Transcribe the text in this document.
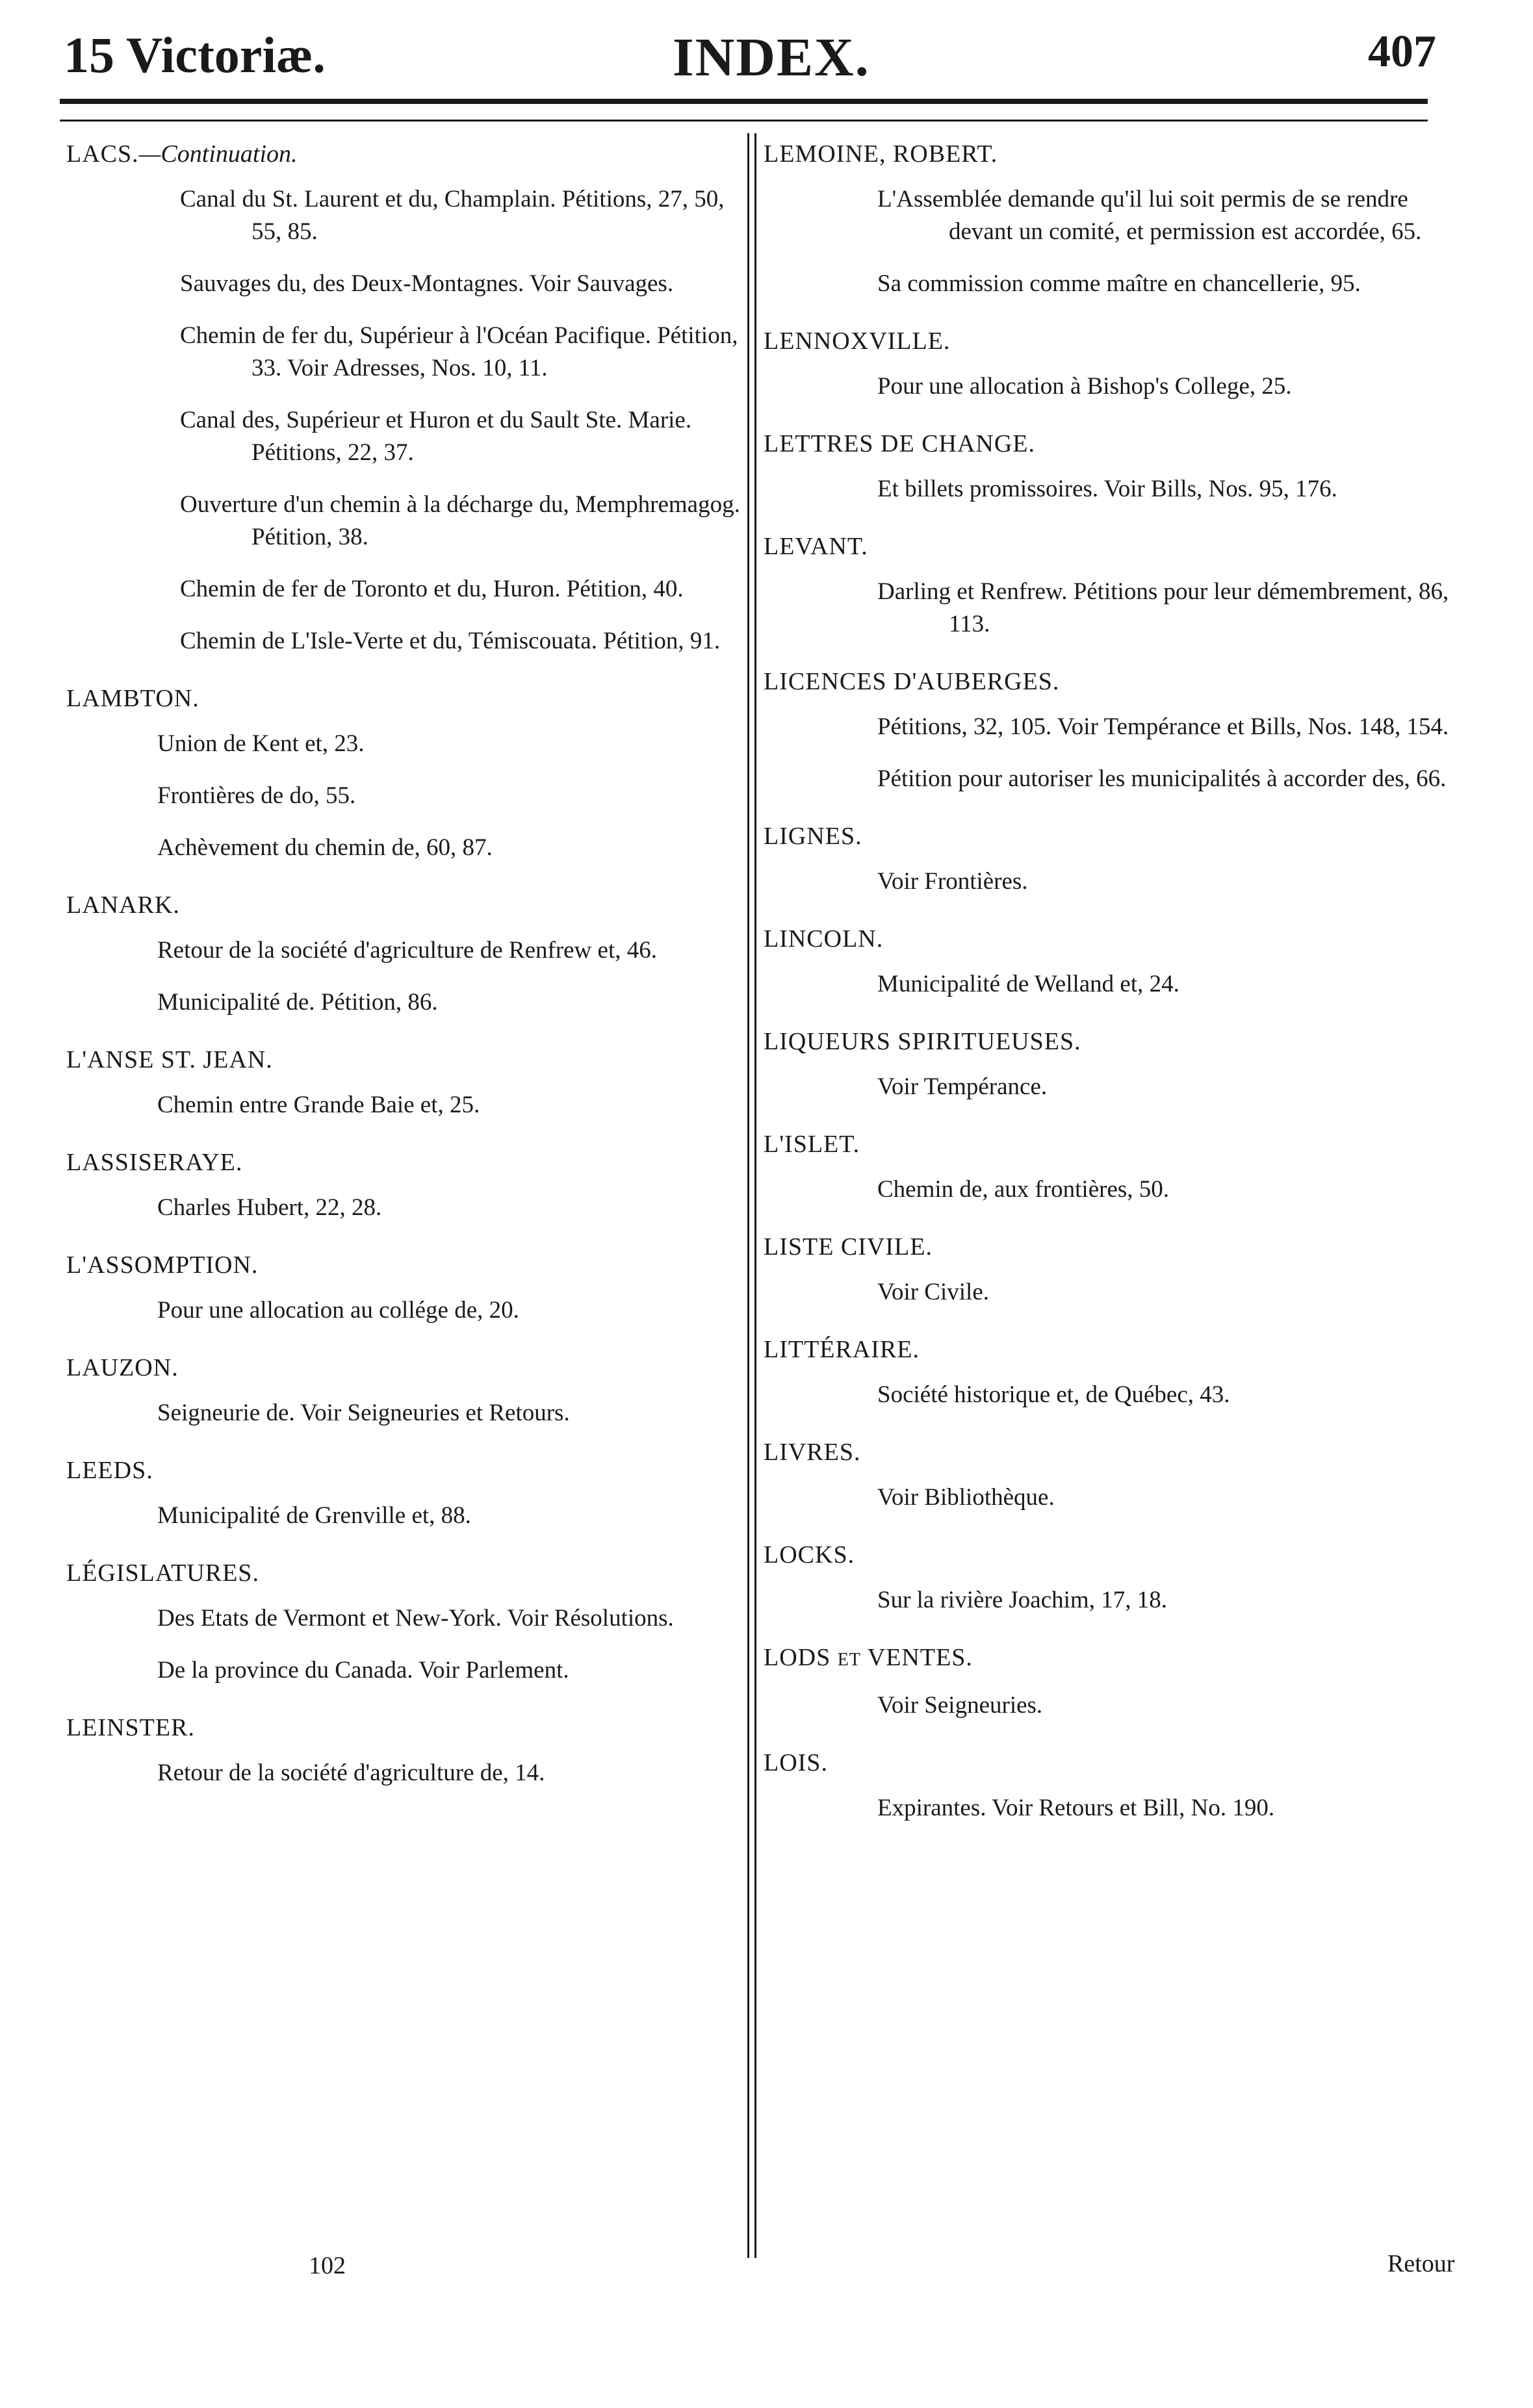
15 Victoriæ.	INDEX.	407
LACS.—Continuation.
Canal du St. Laurent et du, Champlain. Pétitions, 27, 50, 55, 85.
Sauvages du, des Deux-Montagnes. Voir Sauvages.
Chemin de fer du, Supérieur à l'Océan Pacifique. Pétition, 33. Voir Adresses, Nos. 10, 11.
Canal des, Supérieur et Huron et du Sault Ste. Marie. Pétitions, 22, 37.
Ouverture d'un chemin à la décharge du, Memphremagog. Pétition, 38.
Chemin de fer de Toronto et du, Huron. Pétition, 40.
Chemin de L'Isle-Verte et du, Témiscouata. Pétition, 91.
LAMBTON.
Union de Kent et, 23.
Frontières de do, 55.
Achèvement du chemin de, 60, 87.
LANARK.
Retour de la société d'agriculture de Renfrew et, 46.
Municipalité de. Pétition, 86.
L'ANSE ST. JEAN.
Chemin entre Grande Baie et, 25.
LASSISERAYE.
Charles Hubert, 22, 28.
L'ASSOMPTION.
Pour une allocation au collége de, 20.
LAUZON.
Seigneurie de. Voir Seigneuries et Retours.
LEEDS.
Municipalité de Grenville et, 88.
LÉGISLATURES.
Des Etats de Vermont et New-York. Voir Résolutions.
De la province du Canada. Voir Parlement.
LEINSTER.
Retour de la société d'agriculture de, 14.
LEMOINE, ROBERT.
L'Assemblée demande qu'il lui soit permis de se rendre devant un comité, et permission est accordée, 65.
Sa commission comme maître en chancellerie, 95.
LENNOXVILLE.
Pour une allocation à Bishop's College, 25.
LETTRES DE CHANGE.
Et billets promissoires. Voir Bills, Nos. 95, 176.
LEVANT.
Darling et Renfrew. Pétitions pour leur démembrement, 86, 113.
LICENCES D'AUBERGES.
Pétitions, 32, 105. Voir Tempérance et Bills, Nos. 148, 154.
Pétition pour autoriser les municipalités à accorder des, 66.
LIGNES.
Voir Frontières.
LINCOLN.
Municipalité de Welland et, 24.
LIQUEURS SPIRITUEUSES.
Voir Tempérance.
L'ISLET.
Chemin de, aux frontières, 50.
LISTE CIVILE.
Voir Civile.
LITTÉRAIRE.
Société historique et, de Québec, 43.
LIVRES.
Voir Bibliothèque.
LOCKS.
Sur la rivière Joachim, 17, 18.
LODS ET VENTES.
Voir Seigneuries.
LOIS.
Expirantes. Voir Retours et Bill, No. 190.
102	Retour
